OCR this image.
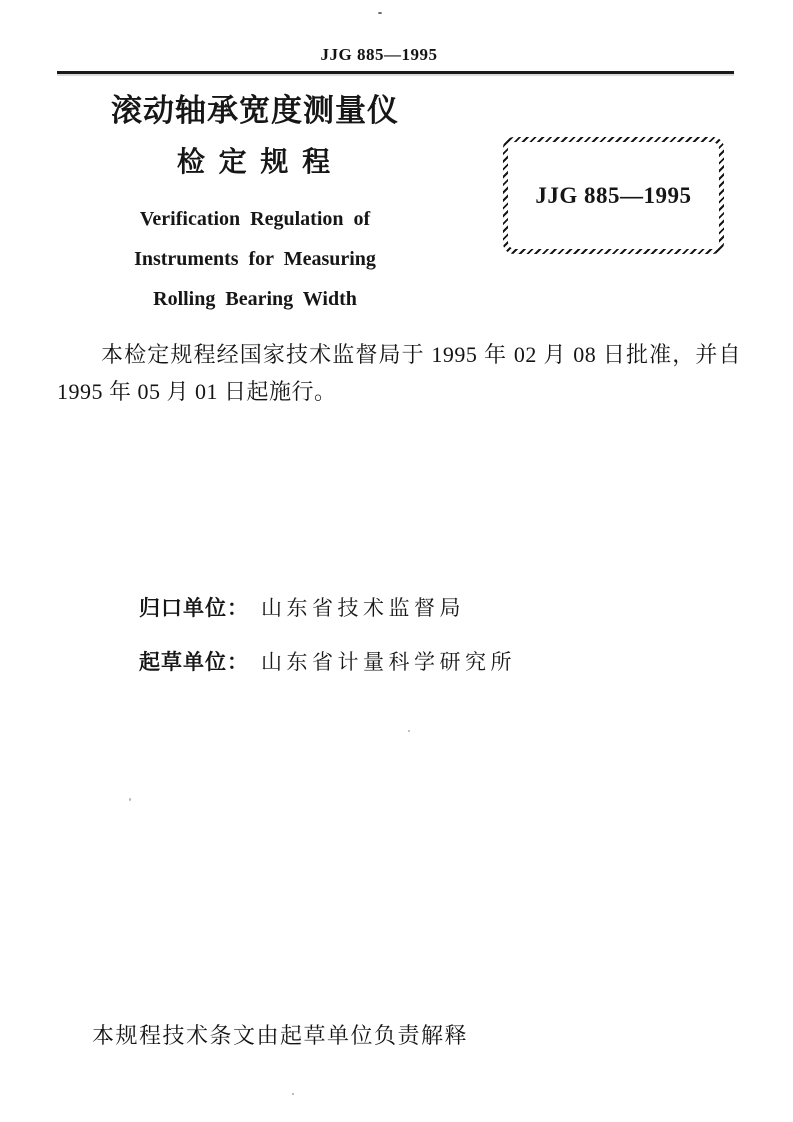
JJG 885—1995
滚动轴承宽度测量仪
检 定 规 程
Verification Regulation of
Instruments for Measuring
Rolling Bearing Width
JJG 885—1995

本检定规程经国家技术监督局于 1995 年 02 月 08 日批准，并自 1995 年 05 月 01 日起施行。

归口单位： 山东省技术监督局
起草单位： 山东省计量科学研究所
本规程技术条文由起草单位负责解释
